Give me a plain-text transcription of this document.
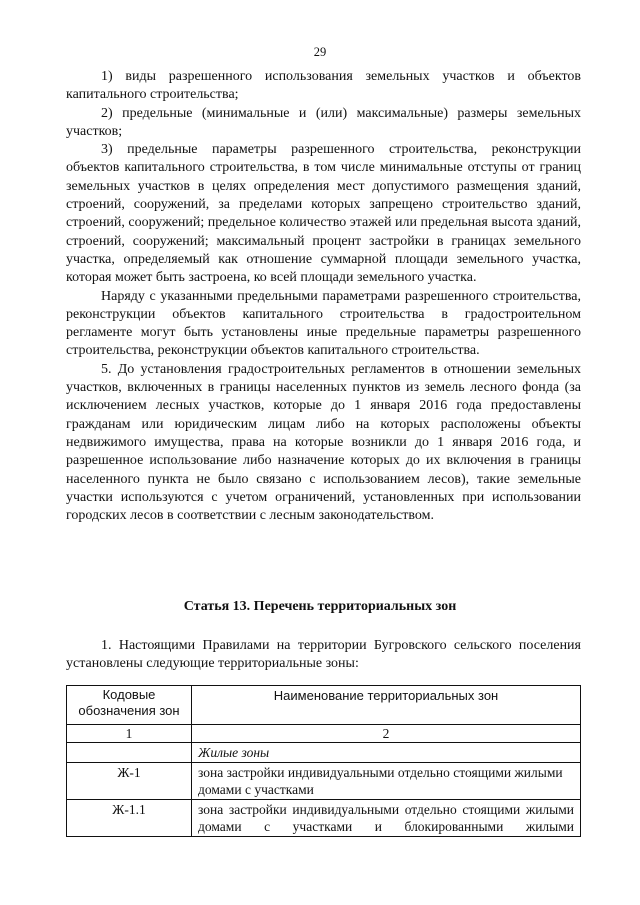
29

1) виды разрешенного использования земельных участков и объектов капитального строительства;

2) предельные (минимальные и (или) максимальные) размеры земельных участков;

3) предельные параметры разрешенного строительства, реконструкции объектов капитального строительства, в том числе минимальные отступы от границ земельных участков в целях определения мест допустимого размещения зданий, строений, сооружений, за пределами которых запрещено строительство зданий, строений, сооружений; предельное количество этажей или предельная высота зданий, строений, сооружений; максимальный процент застройки в границах земельного участка, определяемый как отношение суммарной площади земельного участка, которая может быть застроена, ко всей площади земельного участка.

Наряду с указанными предельными параметрами разрешенного строительства, реконструкции объектов капитального строительства в градостроительном регламенте могут быть установлены иные предельные параметры разрешенного строительства, реконструкции объектов капитального строительства.

5. До установления градостроительных регламентов в отношении земельных участков, включенных в границы населенных пунктов из земель лесного фонда (за исключением лесных участков, которые до 1 января 2016 года предоставлены гражданам или юридическим лицам либо на которых расположены объекты недвижимого имущества, права на которые возникли до 1 января 2016 года, и разрешенное использование либо назначение которых до их включения в границы населенного пункта не было связано с использованием лесов), такие земельные участки используются с учетом ограничений, установленных при использовании городских лесов в соответствии с лесным законодательством.

Статья 13. Перечень территориальных зон

1. Настоящими Правилами на территории Бугровского сельского поселения установлены следующие территориальные зоны:

Кодовые обозначения зон	Наименование территориальных зон
1	2
	Жилые зоны
Ж-1	зона застройки индивидуальными отдельно стоящими жилыми домами с участками
Ж-1.1	зона застройки индивидуальными отдельно стоящими жилыми домами с участками и блокированными жилыми
